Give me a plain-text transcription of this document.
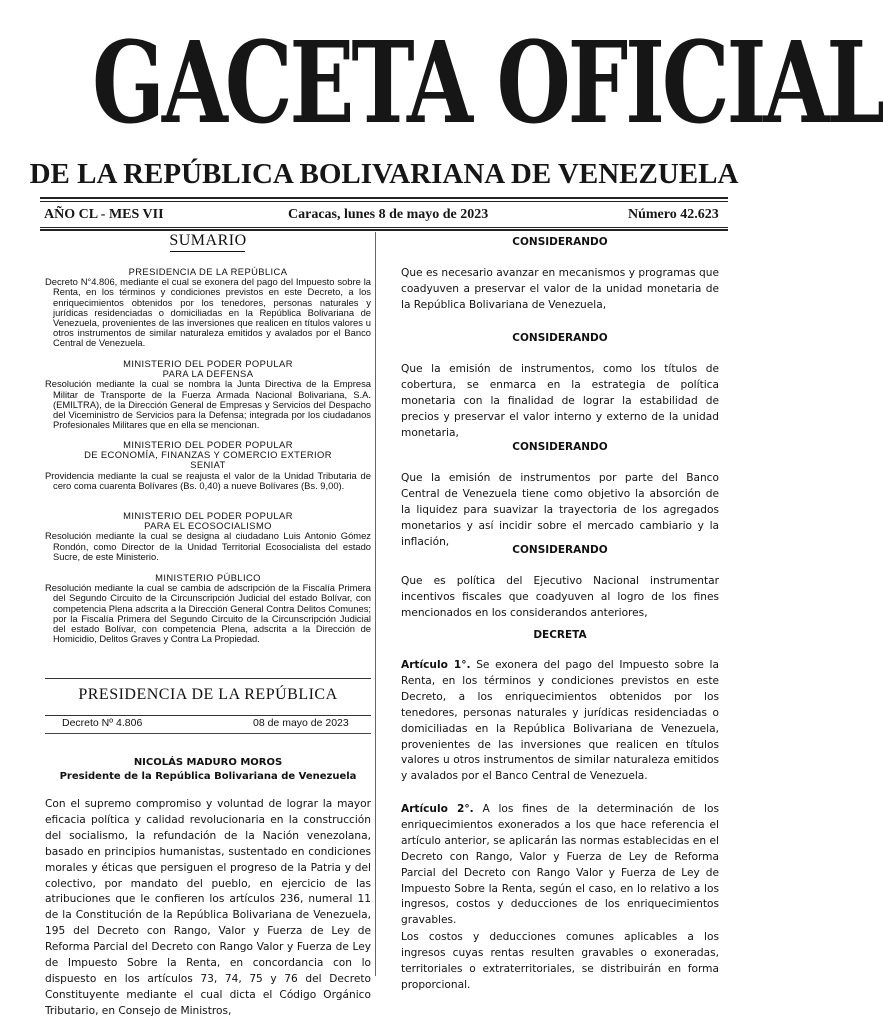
GACETA OFICIAL
DE LA REPÚBLICA BOLIVARIANA DE VENEZUELA
AÑO CL - MES VII	Caracas, lunes 8 de mayo de 2023	Número 42.623
SUMARIO
PRESIDENCIA DE LA REPÚBLICA
Decreto N°4.806, mediante el cual se exonera del pago del Impuesto sobre la Renta, en los términos y condiciones previstos en este Decreto, a los enriquecimientos obtenidos por los tenedores, personas naturales y jurídicas residenciadas o domiciliadas en la República Bolivariana de Venezuela, provenientes de las inversiones que realicen en títulos valores u otros instrumentos de similar naturaleza emitidos y avalados por el Banco Central de Venezuela.
MINISTERIO DEL PODER POPULAR
PARA LA DEFENSA
Resolución mediante la cual se nombra la Junta Directiva de la Empresa Militar de Transporte de la Fuerza Armada Nacional Bolivariana, S.A. (EMILTRA), de la Dirección General de Empresas y Servicios del Despacho del Viceministro de Servicios para la Defensa; integrada por los ciudadanos Profesionales Militares que en ella se mencionan.
MINISTERIO DEL PODER POPULAR
DE ECONOMÍA, FINANZAS Y COMERCIO EXTERIOR
SENIAT
Providencia mediante la cual se reajusta el valor de la Unidad Tributaria de cero coma cuarenta Bolívares (Bs. 0,40) a nueve Bolívares (Bs. 9,00).
MINISTERIO DEL PODER POPULAR
PARA EL ECOSOCIALISMO
Resolución mediante la cual se designa al ciudadano Luis Antonio Gómez Rondón, como Director de la Unidad Territorial Ecosocialista del estado Sucre, de este Ministerio.
MINISTERIO PÚBLICO
Resolución mediante la cual se cambia de adscripción de la Fiscalía Primera del Segundo Circuito de la Circunscripción Judicial del estado Bolívar, con competencia Plena adscrita a la Dirección General Contra Delitos Comunes; por la Fiscalía Primera del Segundo Circuito de la Circunscripción Judicial del estado Bolívar, con competencia Plena, adscrita a la Dirección de Homicidio, Delitos Graves y Contra La Propiedad.
PRESIDENCIA DE LA REPÚBLICA
Decreto Nº 4.806	08 de mayo de 2023
NICOLÁS MADURO MOROS
Presidente de la República Bolivariana de Venezuela
Con el supremo compromiso y voluntad de lograr la mayor eficacia política y calidad revolucionaria en la construcción del socialismo, la refundación de la Nación venezolana, basado en principios humanistas, sustentado en condiciones morales y éticas que persiguen el progreso de la Patria y del colectivo, por mandato del pueblo, en ejercicio de las atribuciones que le confieren los artículos 236, numeral 11 de la Constitución de la República Bolivariana de Venezuela, 195 del Decreto con Rango, Valor y Fuerza de Ley de Reforma Parcial del Decreto con Rango Valor y Fuerza de Ley de Impuesto Sobre la Renta, en concordancia con lo dispuesto en los artículos 73, 74, 75 y 76 del Decreto Constituyente mediante el cual dicta el Código Orgánico Tributario, en Consejo de Ministros,
CONSIDERANDO
Que es necesario avanzar en mecanismos y programas que coadyuven a preservar el valor de la unidad monetaria de la República Bolivariana de Venezuela,
CONSIDERANDO
Que la emisión de instrumentos, como los títulos de cobertura, se enmarca en la estrategia de política monetaria con la finalidad de lograr la estabilidad de precios y preservar el valor interno y externo de la unidad monetaria,
CONSIDERANDO
Que la emisión de instrumentos por parte del Banco Central de Venezuela tiene como objetivo la absorción de la liquidez para suavizar la trayectoria de los agregados monetarios y así incidir sobre el mercado cambiario y la inflación,
CONSIDERANDO
Que es política del Ejecutivo Nacional instrumentar incentivos fiscales que coadyuven al logro de los fines mencionados en los considerandos anteriores,
DECRETA
Artículo 1°. Se exonera del pago del Impuesto sobre la Renta, en los términos y condiciones previstos en este Decreto, a los enriquecimientos obtenidos por los tenedores, personas naturales y jurídicas residenciadas o domiciliadas en la República Bolivariana de Venezuela, provenientes de las inversiones que realicen en títulos valores u otros instrumentos de similar naturaleza emitidos y avalados por el Banco Central de Venezuela.
Artículo 2°. A los fines de la determinación de los enriquecimientos exonerados a los que hace referencia el artículo anterior, se aplicarán las normas establecidas en el Decreto con Rango, Valor y Fuerza de Ley de Reforma Parcial del Decreto con Rango Valor y Fuerza de Ley de Impuesto Sobre la Renta, según el caso, en lo relativo a los ingresos, costos y deducciones de los enriquecimientos gravables.
Los costos y deducciones comunes aplicables a los ingresos cuyas rentas resulten gravables o exoneradas, territoriales o extraterritoriales, se distribuirán en forma proporcional.
